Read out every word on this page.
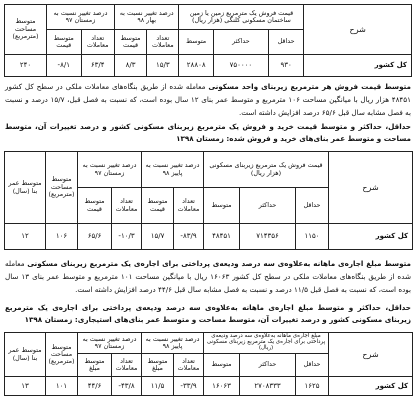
شرح	قیمت فروش یک مترمربع زمین یا زمین ساختمان مسکونی کلنگی (هزار ریال)			درصد تغییر نسبت به بهار ۹۸		درصد تغییر نسبت به زمستان ۹۷		متوسط مساحت (مترمربع)
	حداقل	حداکثر	متوسط	تعداد معاملات	متوسط قیمت	تعداد معاملات	متوسط قیمت	
کل کشور	۹۳۰	۷۵۰۰۰۰	۲۸۸۰۸	۱۵/۳	۸/۳	۶۳/۴	۸/۱-	۲۴۰

متوسط قیمت فروش هر مترمربع زیربنای واحد مسکونی معامله شده از طریق بنگاه‌های معاملات ملکی در سطح کل کشور ۴۸۴۵۱ هزار ریال با میانگین مساحت ۱۰۶ مترمربع و متوسط عمر بنای ۱۲ سال بوده است، که نسبت به فصل قبل، ۱۵/۷ درصد و نسبت به فصل مشابه سال قبل ۶۵/۶ درصد افزایش داشته است.

حداقل، حداکثر و متوسط قیمت خرید و فروش یک مترمربع زیربنای مسکونی کشور و درصد تغییرات آن، متوسط مساحت و متوسط عمر بنای‌های خرید و فروش شده: زمستان ۱۳۹۸

شرح	قیمت فروش یک مترمربع زیربنای مسکونی (هزار ریال)			درصد تغییر نسبت به پاییز ۹۸		درصد تغییر نسبت به زمستان ۹۷		متوسط مساحت (مترمربع)	متوسط عمر بنا (سال)
	حداقل	حداکثر	متوسط	تعداد معاملات	متوسط قیمت	تعداد معاملات	متوسط قیمت		
کل کشور	۱۱۵۰	۷۱۴۳۵۶	۴۸۴۵۱	۸۳/۹-	۱۵/۷	۱۰/۳-	۶۵/۶	۱۰۶	۱۲

متوسط مبلغ اجاره‌ی ماهانه به‌علاوه‌ی سه درصد ودیعه‌ی پرداختی برای اجاره‌ی یک مترمربع زیربنای مسکونی معامله شده از طریق بنگاه‌های معاملات ملکی در سطح کل کشور ۱۶۰۶۳ ریال با میانگین مساحت ۱۰۱ مترمربع و متوسط عمر بنای ۱۳ سال بوده است، که نسبت به فصل قبل ۱۱/۵ درصد و نسبت به فصل مشابه سال قبل ۴۴/۶ درصد افزایش داشته است.

حداقل، حداکثر و متوسط مبلغ اجاره‌ی ماهانه به‌علاوه‌ی سه درصد ودیعه‌ی پرداختی برای اجاره‌ی یک مترمربع زیربنای مسکونی کشور و درصد تغییرات آن، متوسط مساحت و متوسط عمر بنای‌های استیجاری: زمستان ۱۳۹۸

شرح	مبلغ اجاره‌ی ماهانه به‌علاوه‌ی سه درصد ودیعه‌ی پرداختی برای اجاره‌ی یک مترمربع زیربنای مسکونی (ریال)			درصد تغییر نسبت به پاییز ۹۸		درصد تغییر نسبت به زمستان ۹۷		متوسط مساحت (مترمربع)	متوسط عمر بنا (سال)
	حداقل	حداکثر	متوسط	تعداد معاملات	متوسط مبلغ	تعداد معاملات	متوسط مبلغ		
کل کشور	۱۶۲۵	۲۷۰۸۳۳۳	۱۶۰۶۳	۳۳/۹-	۱۱/۵	۴۳/۸-	۴۴/۶	۱۰۱	۱۳
